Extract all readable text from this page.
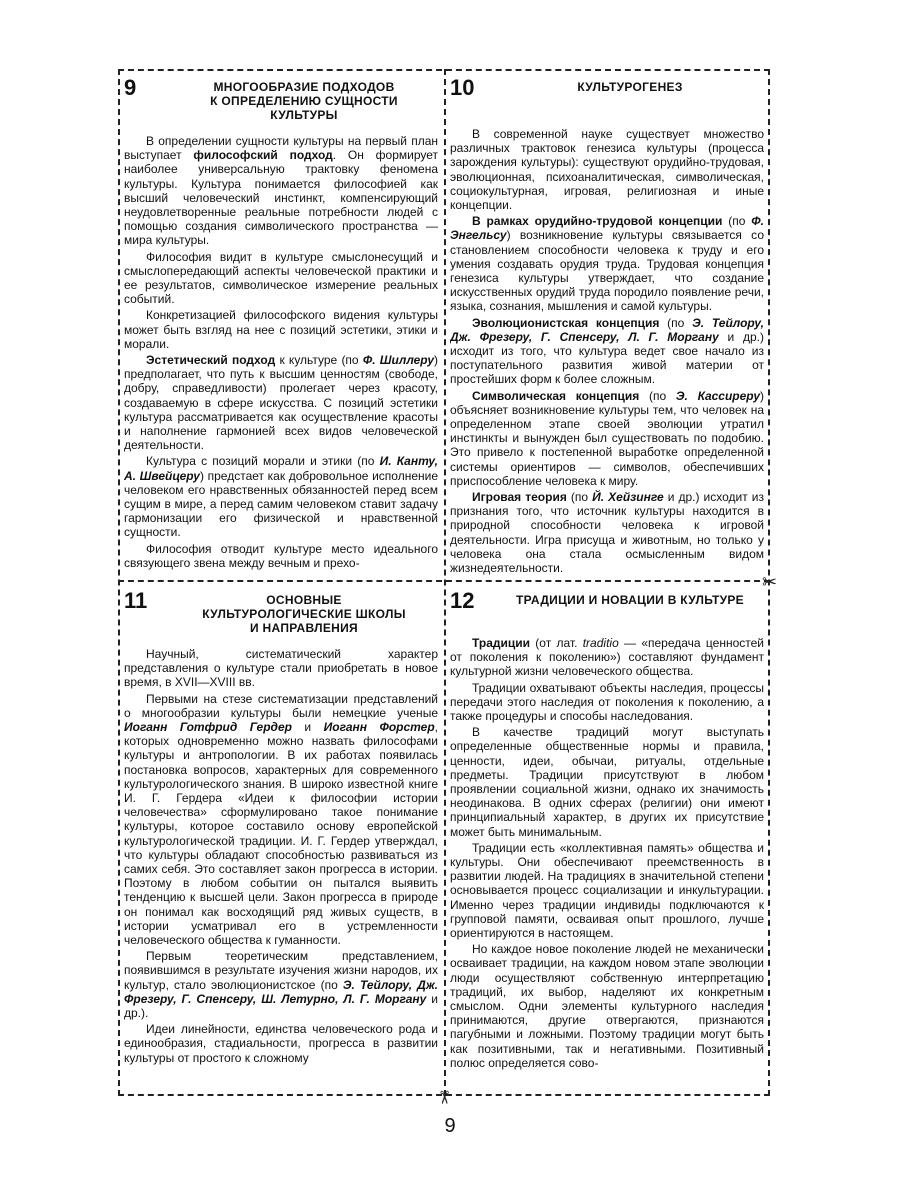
9	МНОГООБРАЗИЕ ПОДХОДОВ
К ОПРЕДЕЛЕНИЮ СУЩНОСТИ
КУЛЬТУРЫ

В определении сущности культуры на первый план выступает философский подход. Он формирует наиболее универсальную трактовку феномена культуры. Культура понимается философией как высший человеческий инстинкт, компенсирующий неудовлетворенные реальные потребности людей с помощью создания символического пространства — мира культуры.

Философия видит в культуре смыслонесущий и смыслопередающий аспекты человеческой практики и ее результатов, символическое измерение реальных событий.

Конкретизацией философского видения культуры может быть взгляд на нее с позиций эстетики, этики и морали.

Эстетический подход к культуре (по Ф. Шиллеру) предполагает, что путь к высшим ценностям (свободе, добру, справедливости) пролегает через красоту, создаваемую в сфере искусства. С позиций эстетики культура рассматривается как осуществление красоты и наполнение гармонией всех видов человеческой деятельности.

Культура с позиций морали и этики (по И. Канту, А. Швейцеру) предстает как добровольное исполнение человеком его нравственных обязанностей перед всем сущим в мире, а перед самим человеком ставит задачу гармонизации его физической и нравственной сущности.

Философия отводит культуре место идеального связующего звена между вечным и прехо-

10	КУЛЬТУРОГЕНЕЗ

В современной науке существует множество различных трактовок генезиса культуры (процесса зарождения культуры): существуют орудийно-трудовая, эволюционная, психоаналитическая, символическая, социокультурная, игровая, религиозная и иные концепции.

В рамках орудийно-трудовой концепции (по Ф. Энгельсу) возникновение культуры связывается со становлением способности человека к труду и его умения создавать орудия труда. Трудовая концепция генезиса культуры утверждает, что создание искусственных орудий труда породило появление речи, языка, сознания, мышления и самой культуры.

Эволюционистская концепция (по Э. Тейлору, Дж. Фрезеру, Г. Спенсеру, Л. Г. Моргану и др.) исходит из того, что культура ведет свое начало из поступательного развития живой материи от простейших форм к более сложным.

Символическая концепция (по Э. Кассиреру) объясняет возникновение культуры тем, что человек на определенном этапе своей эволюции утратил инстинкты и вынужден был существовать по подобию. Это привело к постепенной выработке определенной системы ориентиров — символов, обеспечивших приспособление человека к миру.

Игровая теория (по Й. Хейзинге и др.) исходит из признания того, что источник культуры находится в природной способности человека к игровой деятельности. Игра присуща и животным, но только у человека она стала осмысленным видом жизнедеятельности.

11	ОСНОВНЫЕ
КУЛЬТУРОЛОГИЧЕСКИЕ ШКОЛЫ
И НАПРАВЛЕНИЯ

Научный, систематический характер представления о культуре стали приобретать в новое время, в XVII—XVIII вв.

Первыми на стезе систематизации представлений о многообразии культуры были немецкие ученые Иоганн Готфрид Гердер и Иоганн Форстер, которых одновременно можно назвать философами культуры и антропологии. В их работах появилась постановка вопросов, характерных для современного культурологического знания. В широко известной книге И. Г. Гердера «Идеи к философии истории человечества» сформулировано такое понимание культуры, которое составило основу европейской культурологической традиции. И. Г. Гердер утверждал, что культуры обладают способностью развиваться из самих себя. Это составляет закон прогресса в истории. Поэтому в любом событии он пытался выявить тенденцию к высшей цели. Закон прогресса в природе он понимал как восходящий ряд живых существ, в истории усматривал его в устремленности человеческого общества к гуманности.

Первым теоретическим представлением, появившимся в результате изучения жизни народов, их культур, стало эволюционистское (по Э. Тейлору, Дж. Фрезеру, Г. Спенсеру, Ш. Летурно, Л. Г. Моргану и др.).

Идеи линейности, единства человеческого рода и единообразия, стадиальности, прогресса в развитии культуры от простого к сложному

12	ТРАДИЦИИ И НОВАЦИИ В КУЛЬТУРЕ

Традиции (от лат. traditio — «передача ценностей от поколения к поколению») составляют фундамент культурной жизни человеческого общества.

Традиции охватывают объекты наследия, процессы передачи этого наследия от поколения к поколению, а также процедуры и способы наследования.

В качестве традиций могут выступать определенные общественные нормы и правила, ценности, идеи, обычаи, ритуалы, отдельные предметы. Традиции присутствуют в любом проявлении социальной жизни, однако их значимость неодинакова. В одних сферах (религии) они имеют принципиальный характер, в других их присутствие может быть минимальным.

Традиции есть «коллективная память» общества и культуры. Они обеспечивают преемственность в развитии людей. На традициях в значительной степени основывается процесс социализации и инкультурации. Именно через традиции индивиды подключаются к групповой памяти, осваивая опыт прошлого, лучше ориентируются в настоящем.

Но каждое новое поколение людей не механически осваивает традиции, на каждом новом этапе эволюции люди осуществляют собственную интерпретацию традиций, их выбор, наделяют их конкретным смыслом. Одни элементы культурного наследия принимаются, другие отвергаются, признаются пагубными и ложными. Поэтому традиции могут быть как позитивными, так и негативными. Позитивный полюс определяется сово-

✂
✂
9
